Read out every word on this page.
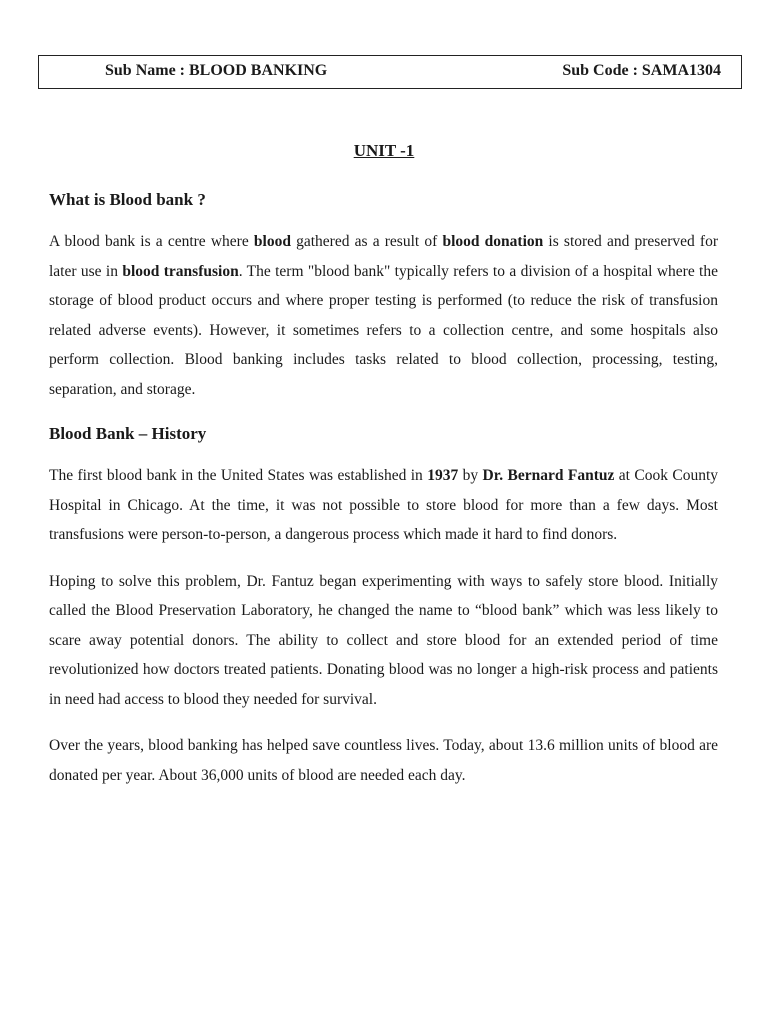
Sub Name : BLOOD BANKING	Sub Code : SAMA1304
UNIT -1
What is Blood bank ?

A blood bank is a centre where blood gathered as a result of blood donation is stored and preserved for later use in blood transfusion. The term "blood bank" typically refers to a division of a hospital where the storage of blood product occurs and where proper testing is performed (to reduce the risk of transfusion related adverse events). However, it sometimes refers to a collection centre, and some hospitals also perform collection. Blood banking includes tasks related to blood collection, processing, testing, separation, and storage.

Blood Bank – History

The first blood bank in the United States was established in 1937 by Dr. Bernard Fantuz at Cook County Hospital in Chicago. At the time, it was not possible to store blood for more than a few days. Most transfusions were person-to-person, a dangerous process which made it hard to find donors.

Hoping to solve this problem, Dr. Fantuz began experimenting with ways to safely store blood. Initially called the Blood Preservation Laboratory, he changed the name to “blood bank” which was less likely to scare away potential donors. The ability to collect and store blood for an extended period of time revolutionized how doctors treated patients. Donating blood was no longer a high-risk process and patients in need had access to blood they needed for survival.

Over the years, blood banking has helped save countless lives. Today, about 13.6 million units of blood are donated per year. About 36,000 units of blood are needed each day.
